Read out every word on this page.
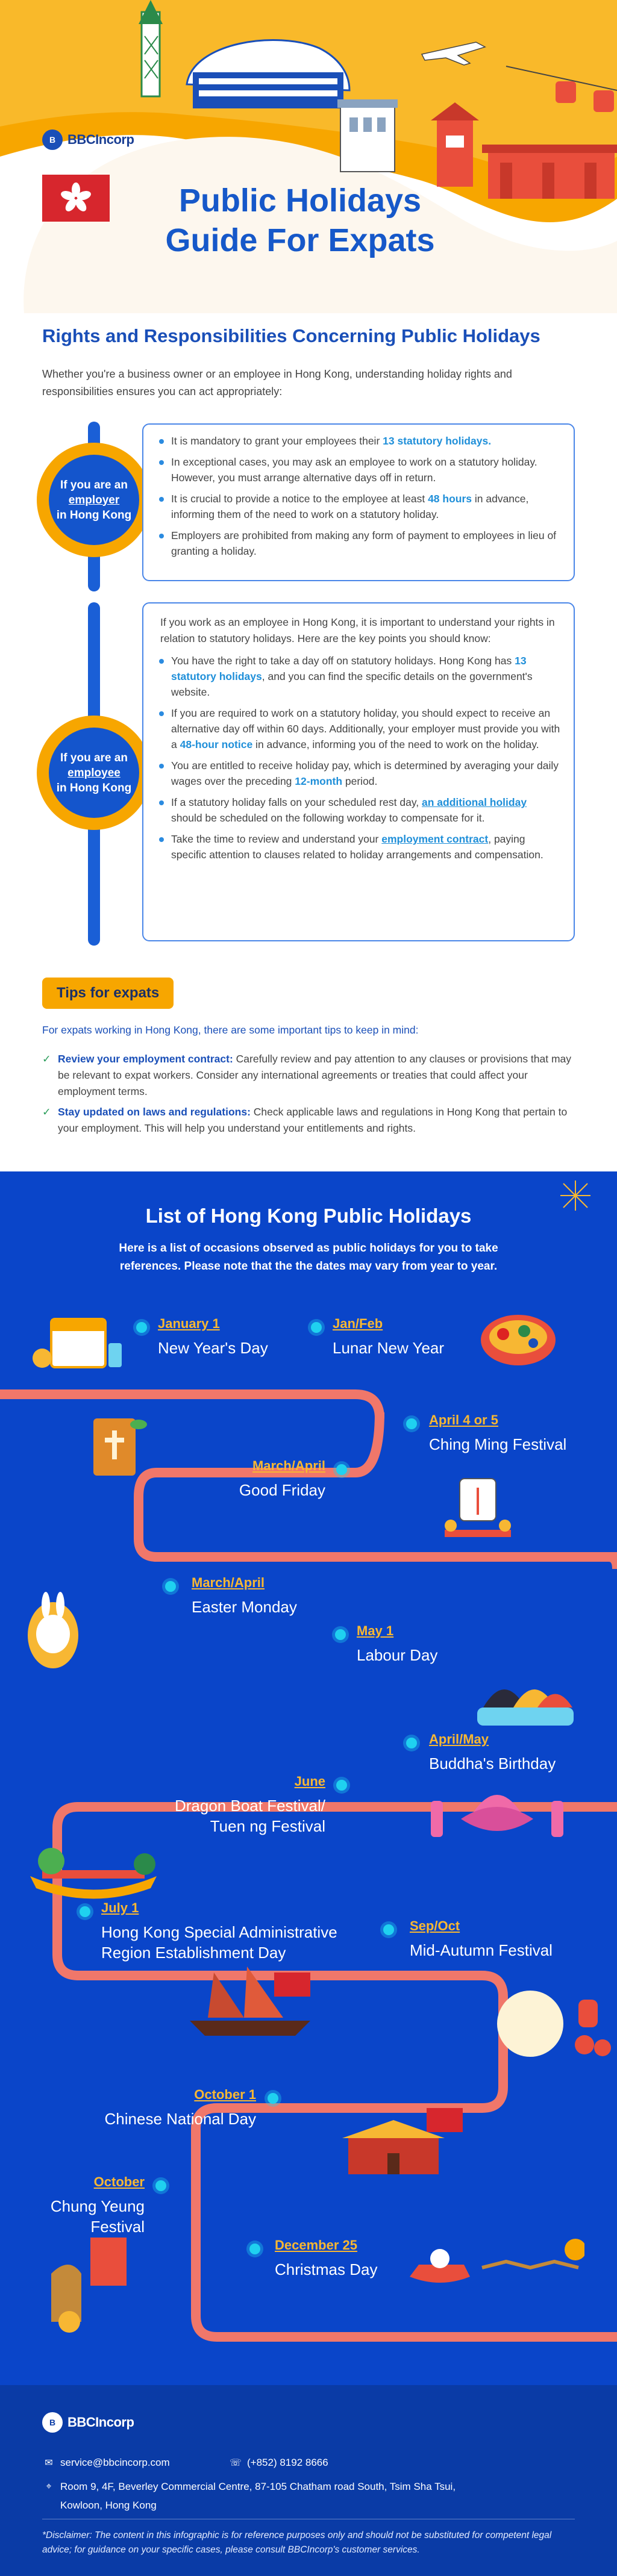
B BBCIncorp
Public Holidays
Guide For Expats
Rights and Responsibilities Concerning Public Holidays
Whether you're a business owner or an employee in Hong Kong, understanding holiday rights and responsibilities ensures you can act appropriately:
If you are an
employer
in Hong Kong
It is mandatory to grant your employees their 13 statutory holidays.
In exceptional cases, you may ask an employee to work on a statutory holiday. However, you must arrange alternative days off in return.
It is crucial to provide a notice to the employee at least 48 hours in advance, informing them of the need to work on a statutory holiday.
Employers are prohibited from making any form of payment to employees in lieu of granting a holiday.
If you are an
employee
in Hong Kong

If you work as an employee in Hong Kong, it is important to understand your rights in relation to statutory holidays. Here are the key points you should know:

You have the right to take a day off on statutory holidays. Hong Kong has 13 statutory holidays, and you can find the specific details on the government's website.
If you are required to work on a statutory holiday, you should expect to receive an alternative day off within 60 days. Additionally, your employer must provide you with a 48-hour notice in advance, informing you of the need to work on the holiday.
You are entitled to receive holiday pay, which is determined by averaging your daily wages over the preceding 12-month period.
If a statutory holiday falls on your scheduled rest day, an additional holiday should be scheduled on the following workday to compensate for it.
Take the time to review and understand your employment contract, paying specific attention to clauses related to holiday arrangements and compensation.
Tips for expats
For expats working in Hong Kong, there are some important tips to keep in mind:
✓ Review your employment contract: Carefully review and pay attention to any clauses or provisions that may be relevant to expat workers. Consider any international agreements or treaties that could affect your employment terms.
✓ Stay updated on laws and regulations: Check applicable laws and regulations in Hong Kong that pertain to your employment. This will help you understand your entitlements and rights.
List of Hong Kong Public Holidays
Here is a list of occasions observed as public holidays for you to take references. Please note that the the dates may vary from year to year.
January 1
New Year's Day
Jan/Feb
Lunar New Year
April 4 or 5
Ching Ming Festival
March/April
Good Friday
March/April
Easter Monday
May 1
Labour Day
April/May
Buddha's Birthday
June
Dragon Boat Festival/
Tuen ng Festival
July 1
Hong Kong Special Administrative
Region Establishment Day
Sep/Oct
Mid-Autumn Festival
October 1
Chinese National Day
October
Chung Yeung
Festival
December 25
Christmas Day
B BBCIncorp
✉ service@bbcincorp.com	☏ (+852) 8192 8666
⌖ Room 9, 4F, Beverley Commercial Centre, 87-105 Chatham road South, Tsim Sha Tsui,
Kowloon, Hong Kong
*Disclaimer: The content in this infographic is for reference purposes only and should not be substituted for competent legal advice; for guidance on your specific cases, please consult BBCIncorp's customer services.
